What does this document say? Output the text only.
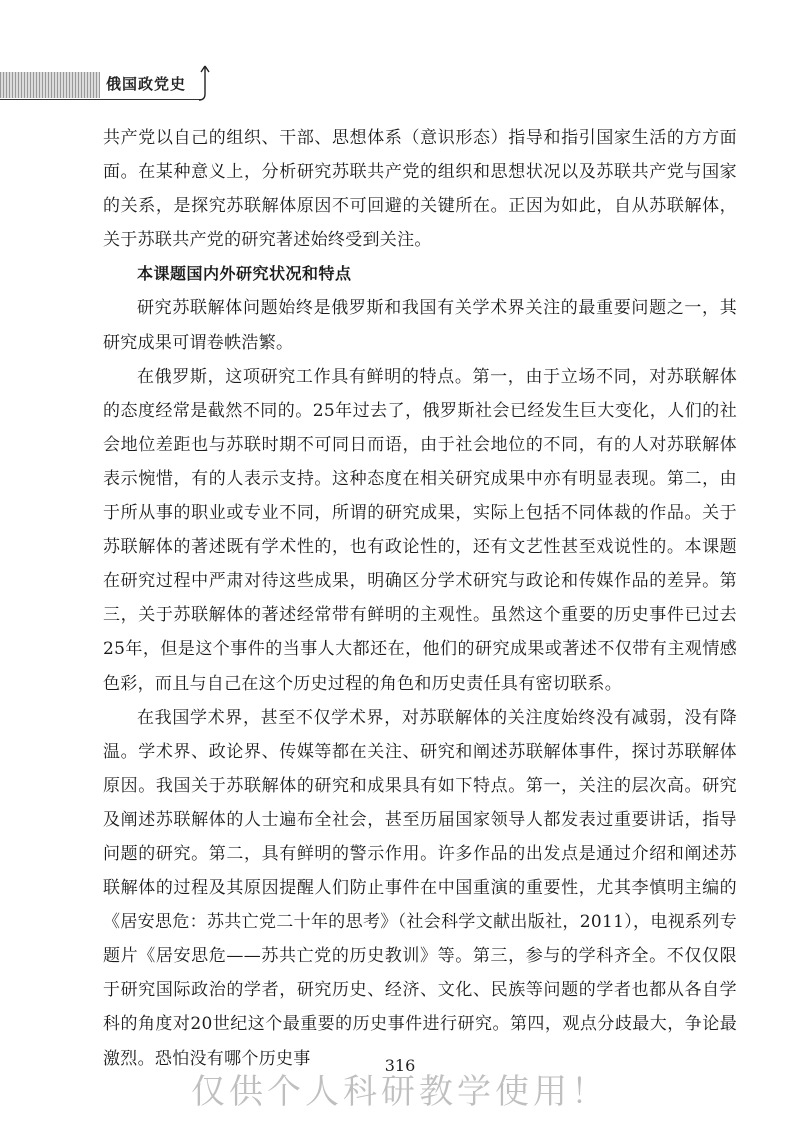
俄国政党史

共产党以自己的组织、干部、思想体系（意识形态）指导和指引国家生活的方方面面。在某种意义上，分析研究苏联共产党的组织和思想状况以及苏联共产党与国家的关系，是探究苏联解体原因不可回避的关键所在。正因为如此，自从苏联解体，关于苏联共产党的研究著述始终受到关注。

本课题国内外研究状况和特点

研究苏联解体问题始终是俄罗斯和我国有关学术界关注的最重要问题之一，其研究成果可谓卷帙浩繁。

在俄罗斯，这项研究工作具有鲜明的特点。第一，由于立场不同，对苏联解体的态度经常是截然不同的。25年过去了，俄罗斯社会已经发生巨大变化，人们的社会地位差距也与苏联时期不可同日而语，由于社会地位的不同，有的人对苏联解体表示惋惜，有的人表示支持。这种态度在相关研究成果中亦有明显表现。第二，由于所从事的职业或专业不同，所谓的研究成果，实际上包括不同体裁的作品。关于苏联解体的著述既有学术性的，也有政论性的，还有文艺性甚至戏说性的。本课题在研究过程中严肃对待这些成果，明确区分学术研究与政论和传媒作品的差异。第三，关于苏联解体的著述经常带有鲜明的主观性。虽然这个重要的历史事件已过去25年，但是这个事件的当事人大都还在，他们的研究成果或著述不仅带有主观情感色彩，而且与自己在这个历史过程的角色和历史责任具有密切联系。

在我国学术界，甚至不仅学术界，对苏联解体的关注度始终没有减弱，没有降温。学术界、政论界、传媒等都在关注、研究和阐述苏联解体事件，探讨苏联解体原因。我国关于苏联解体的研究和成果具有如下特点。第一，关注的层次高。研究及阐述苏联解体的人士遍布全社会，甚至历届国家领导人都发表过重要讲话，指导问题的研究。第二，具有鲜明的警示作用。许多作品的出发点是通过介绍和阐述苏联解体的过程及其原因提醒人们防止事件在中国重演的重要性，尤其李慎明主编的《居安思危：苏共亡党二十年的思考》（社会科学文献出版社，2011），电视系列专题片《居安思危——苏共亡党的历史教训》等。第三，参与的学科齐全。不仅仅限于研究国际政治的学者，研究历史、经济、文化、民族等问题的学者也都从各自学科的角度对20世纪这个最重要的历史事件进行研究。第四，观点分歧最大，争论最激烈。恐怕没有哪个历史事	316
仅供个人科研教学使用！
